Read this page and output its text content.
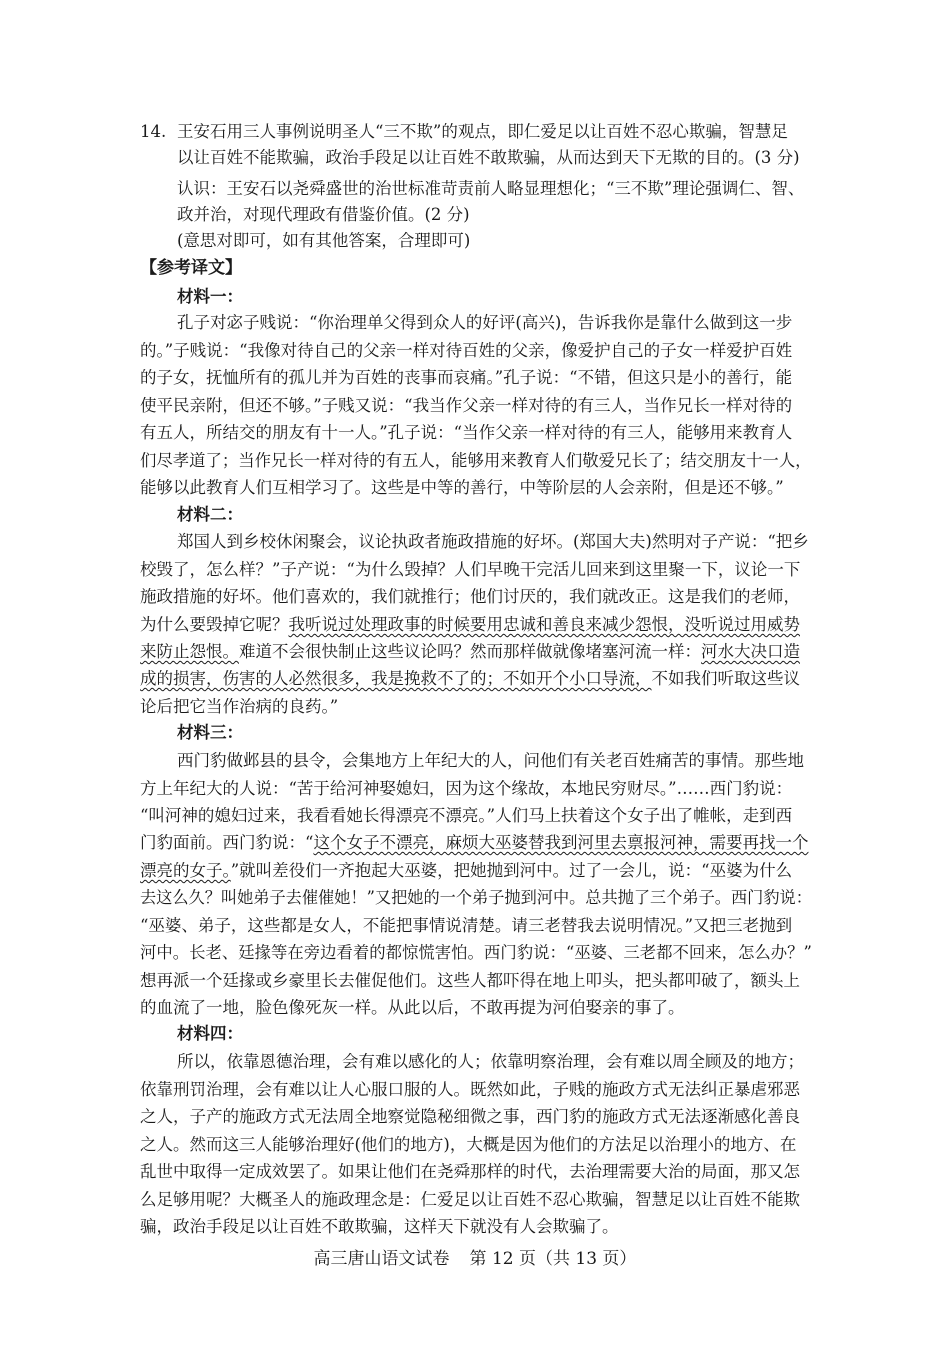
14. 王安石用三人事例说明圣人“三不欺”的观点，即仁爱足以让百姓不忍心欺骗，智慧足
以让百姓不能欺骗，政治手段足以让百姓不敢欺骗，从而达到天下无欺的目的。(3 分)
认识：王安石以尧舜盛世的治世标准苛责前人略显理想化；“三不欺”理论强调仁、智、
政并治，对现代理政有借鉴价值。(2 分)
(意思对即可，如有其他答案，合理即可)
【参考译文】
材料一：
孔子对宓子贱说：“你治理单父得到众人的好评(高兴)，告诉我你是靠什么做到这一步
的。”子贱说：“我像对待自己的父亲一样对待百姓的父亲，像爱护自己的子女一样爱护百姓
的子女，抚恤所有的孤儿并为百姓的丧事而哀痛。”孔子说：“不错，但这只是小的善行，能
使平民亲附，但还不够。”子贱又说：“我当作父亲一样对待的有三人，当作兄长一样对待的
有五人，所结交的朋友有十一人。”孔子说：“当作父亲一样对待的有三人，能够用来教育人
们尽孝道了；当作兄长一样对待的有五人，能够用来教育人们敬爱兄长了；结交朋友十一人，
能够以此教育人们互相学习了。这些是中等的善行，中等阶层的人会亲附，但是还不够。”
材料二：
郑国人到乡校休闲聚会，议论执政者施政措施的好坏。(郑国大夫)然明对子产说：“把乡
校毁了，怎么样？”子产说：“为什么毁掉？人们早晚干完活儿回来到这里聚一下，议论一下
施政措施的好坏。他们喜欢的，我们就推行；他们讨厌的，我们就改正。这是我们的老师，
为什么要毁掉它呢？我听说过处理政事的时候要用忠诚和善良来减少怨恨，没听说过用威势
来防止怨恨。难道不会很快制止这些议论吗？然而那样做就像堵塞河流一样：河水大决口造
成的损害，伤害的人必然很多，我是挽救不了的；不如开个小口导流，不如我们听取这些议
论后把它当作治病的良药。”
材料三：
西门豹做邺县的县令，会集地方上年纪大的人，问他们有关老百姓痛苦的事情。那些地
方上年纪大的人说：“苦于给河神娶媳妇，因为这个缘故，本地民穷财尽。”……西门豹说：
“叫河神的媳妇过来，我看看她长得漂亮不漂亮。”人们马上扶着这个女子出了帷帐，走到西
门豹面前。西门豹说：“这个女子不漂亮，麻烦大巫婆替我到河里去禀报河神，需要再找一个
漂亮的女子。”就叫差役们一齐抱起大巫婆，把她抛到河中。过了一会儿，说：“巫婆为什么
去这么久？叫她弟子去催催她！”又把她的一个弟子抛到河中。总共抛了三个弟子。西门豹说：
“巫婆、弟子，这些都是女人，不能把事情说清楚。请三老替我去说明情况。”又把三老抛到
河中。长老、廷掾等在旁边看着的都惊慌害怕。西门豹说：“巫婆、三老都不回来，怎么办？”
想再派一个廷掾或乡豪里长去催促他们。这些人都吓得在地上叩头，把头都叩破了，额头上
的血流了一地，脸色像死灰一样。从此以后，不敢再提为河伯娶亲的事了。
材料四：
所以，依靠恩德治理，会有难以感化的人；依靠明察治理，会有难以周全顾及的地方；
依靠刑罚治理，会有难以让人心服口服的人。既然如此，子贱的施政方式无法纠正暴虐邪恶
之人，子产的施政方式无法周全地察觉隐秘细微之事，西门豹的施政方式无法逐渐感化善良
之人。然而这三人能够治理好(他们的地方)，大概是因为他们的方法足以治理小的地方、在
乱世中取得一定成效罢了。如果让他们在尧舜那样的时代，去治理需要大治的局面，那又怎
么足够用呢？大概圣人的施政理念是：仁爱足以让百姓不忍心欺骗，智慧足以让百姓不能欺
骗，政治手段足以让百姓不敢欺骗，这样天下就没有人会欺骗了。
高三唐山语文试卷 第 12 页（共 13 页）
